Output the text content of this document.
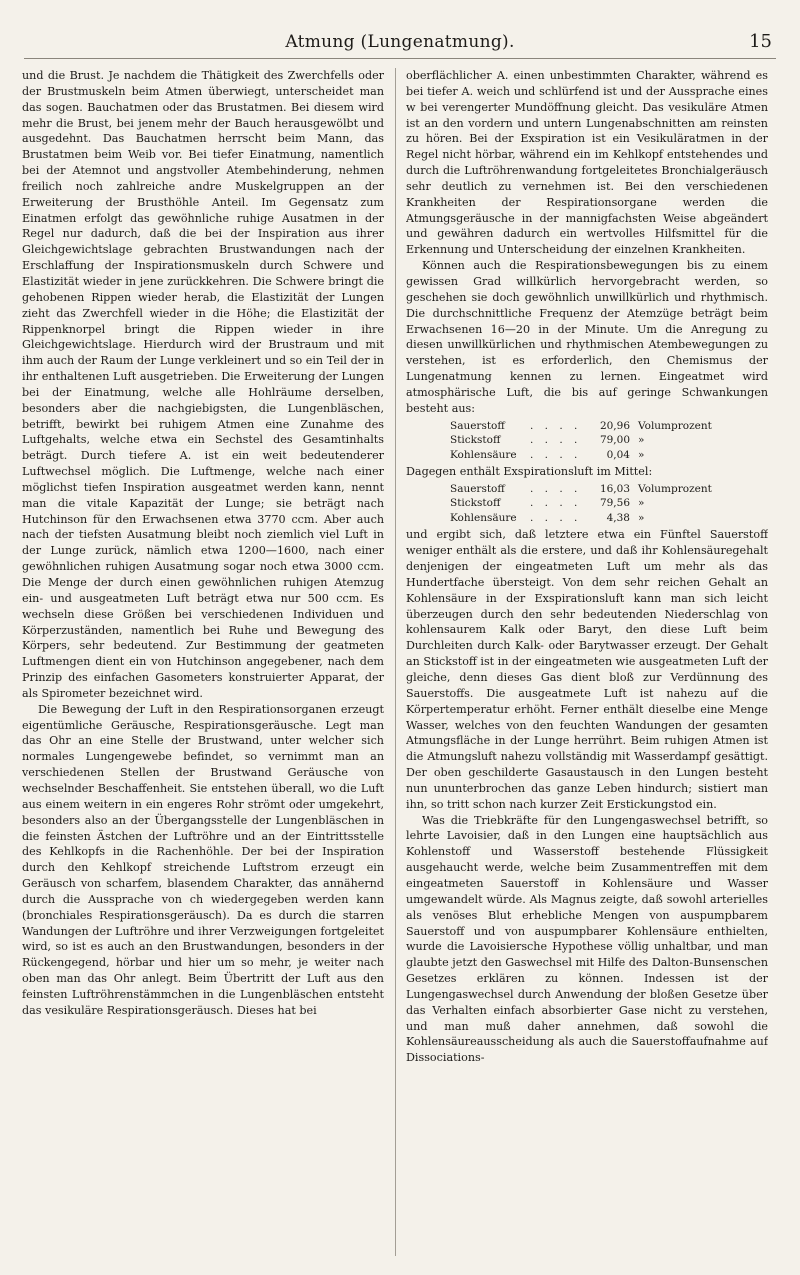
Atmung (Lungenatmung).	15

und die Brust. Je nachdem die Thätigkeit des Zwerchfells oder der Brustmuskeln beim Atmen überwiegt, unterscheidet man das sogen. Bauchatmen oder das Brustatmen. Bei diesem wird mehr die Brust, bei jenem mehr der Bauch herausgewölbt und ausgedehnt. Das Bauchatmen herrscht beim Mann, das Brustatmen beim Weib vor. Bei tiefer Einatmung, namentlich bei der Atemnot und angstvoller Atembehinderung, nehmen freilich noch zahlreiche andre Muskelgruppen an der Erweiterung der Brusthöhle Anteil. Im Gegensatz zum Einatmen erfolgt das gewöhnliche ruhige Ausatmen in der Regel nur dadurch, daß die bei der Inspiration aus ihrer Gleichgewichtslage gebrachten Brustwandungen nach der Erschlaffung der Inspirationsmuskeln durch Schwere und Elastizität wieder in jene zurückkehren. Die Schwere bringt die gehobenen Rippen wieder herab, die Elastizität der Lungen zieht das Zwerchfell wieder in die Höhe; die Elastizität der Rippenknorpel bringt die Rippen wieder in ihre Gleichgewichtslage. Hierdurch wird der Brustraum und mit ihm auch der Raum der Lunge verkleinert und so ein Teil der in ihr enthaltenen Luft ausgetrieben. Die Erweiterung der Lungen bei der Einatmung, welche alle Hohlräume derselben, besonders aber die nachgiebigsten, die Lungenbläschen, betrifft, bewirkt bei ruhigem Atmen eine Zunahme des Luftgehalts, welche etwa ein Sechstel des Gesamtinhalts beträgt. Durch tiefere A. ist ein weit bedeutenderer Luftwechsel möglich. Die Luftmenge, welche nach einer möglichst tiefen Inspiration ausgeatmet werden kann, nennt man die vitale Kapazität der Lunge; sie beträgt nach Hutchinson für den Erwachsenen etwa 3770 ccm. Aber auch nach der tiefsten Ausatmung bleibt noch ziemlich viel Luft in der Lunge zurück, nämlich etwa 1200—1600, nach einer gewöhnlichen ruhigen Ausatmung sogar noch etwa 3000 ccm. Die Menge der durch einen gewöhnlichen ruhigen Atemzug ein- und ausgeatmeten Luft beträgt etwa nur 500 ccm. Es wechseln diese Größen bei verschiedenen Individuen und Körperzuständen, namentlich bei Ruhe und Bewegung des Körpers, sehr bedeutend. Zur Bestimmung der geatmeten Luftmengen dient ein von Hutchinson angegebener, nach dem Prinzip des einfachen Gasometers konstruierter Apparat, der als Spirometer bezeichnet wird.

Die Bewegung der Luft in den Respirationsorganen erzeugt eigentümliche Geräusche, Respirationsgeräusche. Legt man das Ohr an eine Stelle der Brustwand, unter welcher sich normales Lungengewebe befindet, so vernimmt man an verschiedenen Stellen der Brustwand Geräusche von wechselnder Beschaffenheit. Sie entstehen überall, wo die Luft aus einem weitern in ein engeres Rohr strömt oder umgekehrt, besonders also an der Übergangsstelle der Lungenbläschen in die feinsten Ästchen der Luftröhre und an der Eintrittsstelle des Kehlkopfs in die Rachenhöhle. Der bei der Inspiration durch den Kehlkopf streichende Luftstrom erzeugt ein Geräusch von scharfem, blasendem Charakter, das annähernd durch die Aussprache von ch wiedergegeben werden kann (bronchiales Respirationsgeräusch). Da es durch die starren Wandungen der Luftröhre und ihrer Verzweigungen fortgeleitet wird, so ist es auch an den Brustwandungen, besonders in der Rückengegend, hörbar und hier um so mehr, je weiter nach oben man das Ohr anlegt. Beim Übertritt der Luft aus den feinsten Luftröhrenstämmchen in die Lungenbläschen entsteht das vesikuläre Respirationsgeräusch. Dieses hat bei

oberflächlicher A. einen unbestimmten Charakter, während es bei tiefer A. weich und schlürfend ist und der Aussprache eines w bei verengerter Mundöffnung gleicht. Das vesikuläre Atmen ist an den vordern und untern Lungenabschnitten am reinsten zu hören. Bei der Exspiration ist ein Vesikuläratmen in der Regel nicht hörbar, während ein im Kehlkopf entstehendes und durch die Luftröhrenwandung fortgeleitetes Bronchialgeräusch sehr deutlich zu vernehmen ist. Bei den verschiedenen Krankheiten der Respirationsorgane werden die Atmungsgeräusche in der mannigfachsten Weise abgeändert und gewähren dadurch ein wertvolles Hilfsmittel für die Erkennung und Unterscheidung der einzelnen Krankheiten.

Können auch die Respirationsbewegungen bis zu einem gewissen Grad willkürlich hervorgebracht werden, so geschehen sie doch gewöhnlich unwillkürlich und rhythmisch. Die durchschnittliche Frequenz der Atemzüge beträgt beim Erwachsenen 16—20 in der Minute. Um die Anregung zu diesen unwillkürlichen und rhythmischen Atembewegungen zu verstehen, ist es erforderlich, den Chemismus der Lungenatmung kennen zu lernen. Eingeatmet wird atmosphärische Luft, die bis auf geringe Schwankungen besteht aus:

Sauerstoff	. . . .	20,96	Volumprozent
Stickstoff	. . . .	79,00	»
Kohlensäure	. . . .	0,04	»

Dagegen enthält Exspirationsluft im Mittel:

Sauerstoff	. . . .	16,03	Volumprozent
Stickstoff	. . . .	79,56	»
Kohlensäure	. . . .	4,38	»

und ergibt sich, daß letztere etwa ein Fünftel Sauerstoff weniger enthält als die erstere, und daß ihr Kohlensäuregehalt denjenigen der eingeatmeten Luft um mehr als das Hundertfache übersteigt. Von dem sehr reichen Gehalt an Kohlensäure in der Exspirationsluft kann man sich leicht überzeugen durch den sehr bedeutenden Niederschlag von kohlensaurem Kalk oder Baryt, den diese Luft beim Durchleiten durch Kalk- oder Barytwasser erzeugt. Der Gehalt an Stickstoff ist in der eingeatmeten wie ausgeatmeten Luft der gleiche, denn dieses Gas dient bloß zur Verdünnung des Sauerstoffs. Die ausgeatmete Luft ist nahezu auf die Körpertemperatur erhöht. Ferner enthält dieselbe eine Menge Wasser, welches von den feuchten Wandungen der gesamten Atmungsfläche in der Lunge herrührt. Beim ruhigen Atmen ist die Atmungsluft nahezu vollständig mit Wasserdampf gesättigt. Der oben geschilderte Gasaustausch in den Lungen besteht nun ununterbrochen das ganze Leben hindurch; sistiert man ihn, so tritt schon nach kurzer Zeit Erstickungstod ein.

Was die Triebkräfte für den Lungengaswechsel betrifft, so lehrte Lavoisier, daß in den Lungen eine hauptsächlich aus Kohlenstoff und Wasserstoff bestehende Flüssigkeit ausgehaucht werde, welche beim Zusammentreffen mit dem eingeatmeten Sauerstoff in Kohlensäure und Wasser umgewandelt würde. Als Magnus zeigte, daß sowohl arterielles als venöses Blut erhebliche Mengen von auspumpbarem Sauerstoff und von auspumpbarer Kohlensäure enthielten, wurde die Lavoisiersche Hypothese völlig unhaltbar, und man glaubte jetzt den Gaswechsel mit Hilfe des Dalton-Bunsenschen Gesetzes erklären zu können. Indessen ist der Lungengaswechsel durch Anwendung der bloßen Gesetze über das Verhalten einfach absorbierter Gase nicht zu verstehen, und man muß daher annehmen, daß sowohl die Kohlensäureausscheidung als auch die Sauerstoffaufnahme auf Dissociations-
